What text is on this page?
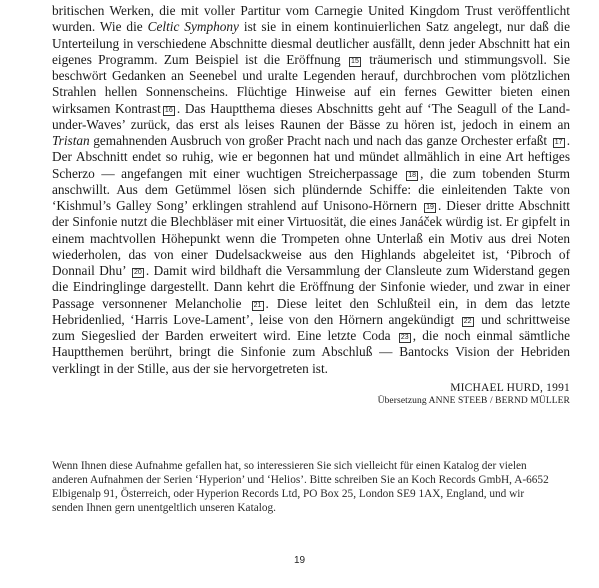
britischen Werken, die mit voller Partitur vom Carnegie United Kingdom Trust veröffentlicht wurden. Wie die Celtic Symphony ist sie in einem kontinuierlichen Satz angelegt, nur daß die Unterteilung in verschiedene Abschnitte diesmal deutlicher ausfällt, denn jeder Abschnitt hat ein eigenes Programm. Zum Beispiel ist die Eröffnung 15 träumerisch und stimmungsvoll. Sie beschwört Gedanken an Seenebel und uralte Legenden herauf, durchbrochen vom plötzlichen Strahlen hellen Sonnenscheins. Flüchtige Hinweise auf ein fernes Gewitter bieten einen wirksamen Kontrast 16 . Das Hauptthema dieses Abschnitts geht auf ‘The Seagull of the Land-under-Waves’ zurück, das erst als leises Raunen der Bässe zu hören ist, jedoch in einem an Tristan gemahnenden Ausbruch von großer Pracht nach und nach das ganze Orchester erfaßt 17 . Der Abschnitt endet so ruhig, wie er begonnen hat und mündet allmählich in eine Art heftiges Scherzo — angefangen mit einer wuchtigen Streicherpassage 18 , die zum tobenden Sturm anschwillt. Aus dem Getümmel lösen sich plündernde Schiffe: die einleitenden Takte von ‘Kishmul’s Galley Song’ erklingen strahlend auf Unisono-Hörnern 19 . Dieser dritte Abschnitt der Sinfonie nutzt die Blechbläser mit einer Virtuosität, die eines Janáček würdig ist. Er gipfelt in einem machtvollen Höhepunkt wenn die Trompeten ohne Unterlaß ein Motiv aus drei Noten wiederholen, das von einer Dudelsackweise aus den Highlands abgeleitet ist, ‘Pibroch of Donnail Dhu’ 20 . Damit wird bildhaft die Versammlung der Clansleute zum Widerstand gegen die Eindringlinge dargestellt. Dann kehrt die Eröffnung der Sinfonie wieder, und zwar in einer Passage versonnener Melancholie 21 . Diese leitet den Schlußteil ein, in dem das letzte Hebridenlied, ‘Harris Love-Lament’, leise von den Hörnern angekündigt 22 und schrittweise zum Siegeslied der Barden erweitert wird. Eine letzte Coda 23 , die noch einmal sämtliche Hauptthemen berührt, bringt die Sinfonie zum Abschluß — Bantocks Vision der Hebriden verklingt in der Stille, aus der sie hervorgetreten ist.

MICHAEL HURD, 1991
Übersetzung ANNE STEEB / BERND MÜLLER
Wenn Ihnen diese Aufnahme gefallen hat, so interessieren Sie sich vielleicht für einen Katalog der vielen anderen Aufnahmen der Serien ‘Hyperion’ und ‘Helios’. Bitte schreiben Sie an Koch Records GmbH, A-6652 Elbigenalp 91, Österreich, oder Hyperion Records Ltd, PO Box 25, London SE9 1AX, England, und wir senden Ihnen gern unentgeltlich unseren Katalog.
19
